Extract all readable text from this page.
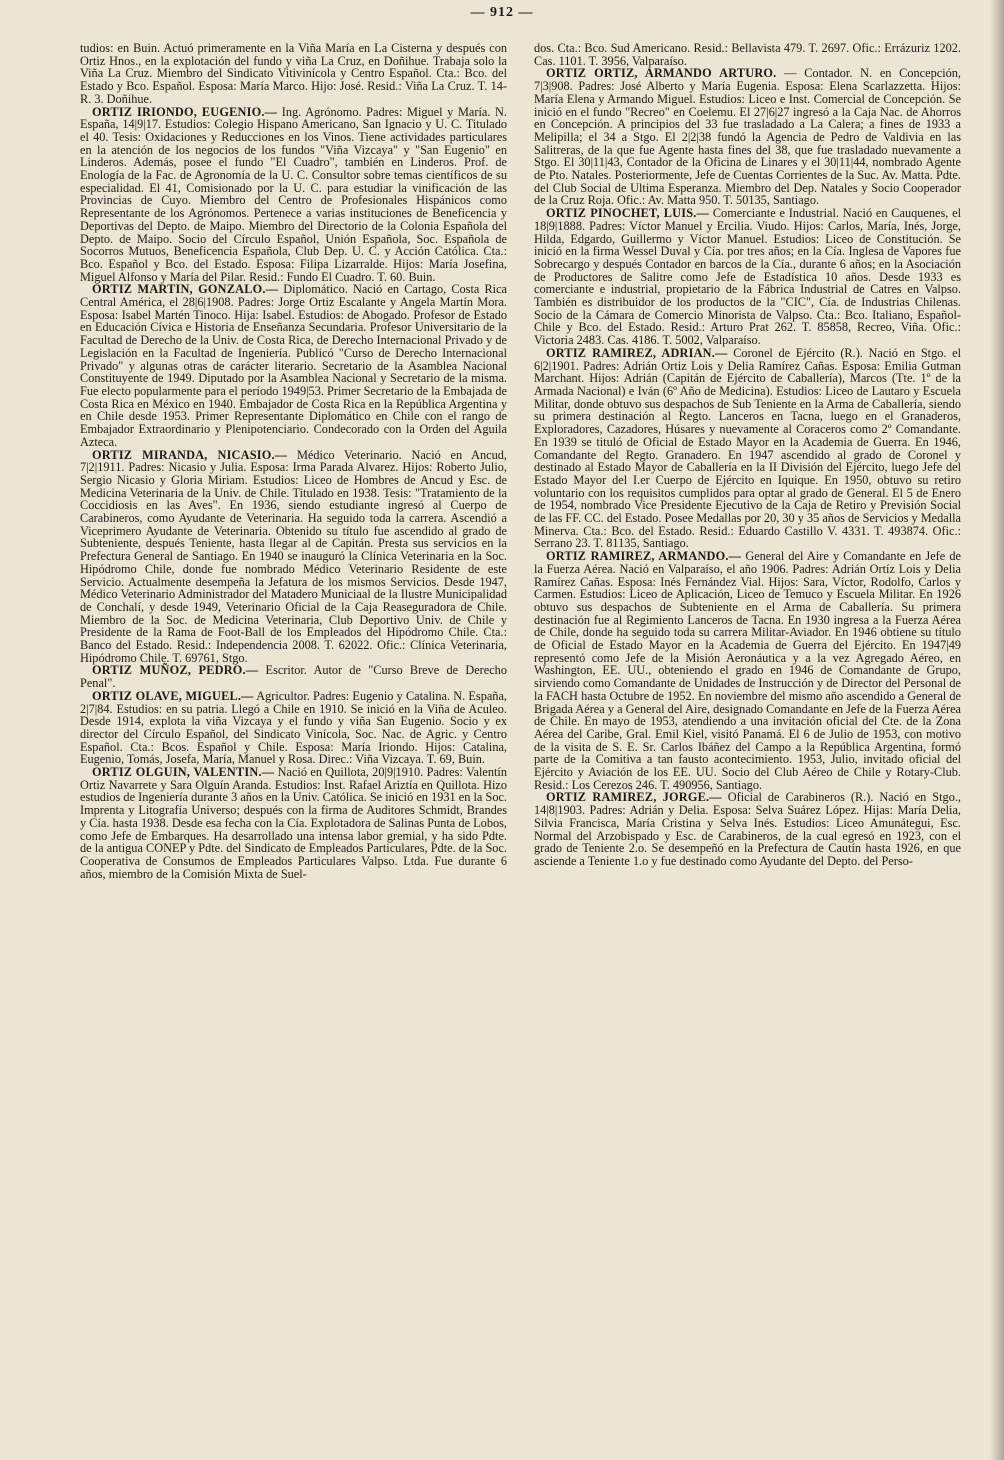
— 912 —

tudios: en Buin. Actuó primeramente en la Viña María en La Cisterna y después con Ortiz Hnos., en la explotación del fundo y viña La Cruz, en Doñihue. Trabaja solo la Viña La Cruz. Miembro del Sindicato Vitivinícola y Centro Español. Cta.: Bco. del Estado y Bco. Español. Esposa: María Marco. Hijo: José. Resid.: Viña La Cruz. T. 14-R. 3. Doñihue.

ORTIZ IRIONDO, EUGENIO.— Ing. Agrónomo. Padres: Miguel y María. N. España, 14|9|17. Estudios: Colegio Hispano Americano, San Ignacio y U. C. Titulado el 40. Tesis: Oxidaciones y Reducciones en los Vinos. Tiene actividades particulares en la atención de los negocios de los fundos "Viña Vizcaya" y "San Eugenio" en Linderos. Además, posee el fundo "El Cuadro", también en Linderos. Prof. de Enología de la Fac. de Agronomía de la U. C. Consultor sobre temas científicos de su especialidad. El 41, Comisionado por la U. C. para estudiar la vinificación de las Provincias de Cuyo. Miembro del Centro de Profesionales Hispánicos como Representante de los Agrónomos. Pertenece a varias instituciones de Beneficencia y Deportivas del Depto. de Maipo. Miembro del Directorio de la Colonia Española del Depto. de Maipo. Socio del Círculo Español, Unión Española, Soc. Española de Socorros Mutuos, Beneficencia Española, Club Dep. U. C. y Acción Católica. Cta.: Bco. Español y Bco. del Estado. Esposa: Filipa Lizarralde. Hijos: María Josefina, Miguel Alfonso y María del Pilar. Resid.: Fundo El Cuadro. T. 60. Buin.

ORTIZ MARTIN, GONZALO.— Diplomático. Nació en Cartago, Costa Rica Central América, el 28|6|1908. Padres: Jorge Ortiz Escalante y Angela Martín Mora. Esposa: Isabel Martén Tinoco. Hija: Isabel. Estudios: de Abogado. Profesor de Estado en Educación Cívica e Historia de Enseñanza Secundaria. Profesor Universitario de la Facultad de Derecho de la Univ. de Costa Rica, de Derecho Internacional Privado y de Legislación en la Facultad de Ingeniería. Publicó "Curso de Derecho Internacional Privado" y algunas otras de carácter literario. Secretario de la Asamblea Nacional Constituyente de 1949. Diputado por la Asamblea Nacional y Secretario de la misma. Fue electo popularmente para el período 1949|53. Primer Secretario de la Embajada de Costa Rica en México en 1940. Embajador de Costa Rica en la República Argentina y en Chile desde 1953. Primer Representante Diplomático en Chile con el rango de Embajador Extraordinario y Plenipotenciario. Condecorado con la Orden del Aguila Azteca.

ORTIZ MIRANDA, NICASIO.— Médico Veterinario. Nació en Ancud, 7|2|1911. Padres: Nicasio y Julia. Esposa: Irma Parada Alvarez. Hijos: Roberto Julio, Sergio Nicasio y Gloria Miriam. Estudios: Liceo de Hombres de Ancud y Esc. de Medicina Veterinaria de la Univ. de Chile. Titulado en 1938. Tesis: "Tratamiento de la Coccidiosis en las Aves". En 1936, siendo estudiante ingresó al Cuerpo de Carabineros, como Ayudante de Veterinaria. Ha seguido toda la carrera. Ascendió a Viceprimero Ayudante de Veterinaria. Obtenido su título fue ascendido al grado de Subteniente, después Teniente, hasta llegar al de Capitán. Presta sus servicios en la Prefectura General de Santiago. En 1940 se inauguró la Clínica Veterinaria en la Soc. Hipódromo Chile, donde fue nombrado Médico Veterinario Residente de este Servicio. Actualmente desempeña la Jefatura de los mismos Servicios. Desde 1947, Médico Veterinario Administrador del Matadero Municiaal de la Ilustre Municipalidad de Conchalí, y desde 1949, Veterinario Oficial de la Caja Reaseguradora de Chile. Miembro de la Soc. de Medicina Veterinaria, Club Deportivo Univ. de Chile y Presidente de la Rama de Foot-Ball de los Empleados del Hipódromo Chile. Cta.: Banco del Estado. Resid.: Independencia 2008. T. 62022. Ofic.: Clínica Veterinaria, Hipódromo Chile. T. 69761, Stgo.

ORTIZ MUÑOZ, PEDRO.— Escritor. Autor de "Curso Breve de Derecho Penal".

ORTIZ OLAVE, MIGUEL.— Agricultor. Padres: Eugenio y Catalina. N. España, 2|7|84. Estudios: en su patria. Llegó a Chile en 1910. Se inició en la Viña de Aculeo. Desde 1914, explota la viña Vizcaya y el fundo y viña San Eugenio. Socio y ex director del Círculo Español, del Sindicato Vinícola, Soc. Nac. de Agric. y Centro Español. Cta.: Bcos. Español y Chile. Esposa: María Iriondo. Hijos: Catalina, Eugenio, Tomás, Josefa, María, Manuel y Rosa. Direc.: Viña Vizcaya. T. 69, Buin.

ORTIZ OLGUIN, VALENTIN.— Nació en Quillota, 20|9|1910. Padres: Valentín Ortiz Navarrete y Sara Olguín Aranda. Estudios: Inst. Rafael Ariztía en Quillota. Hizo estudios de Ingeniería durante 3 años en la Univ. Católica. Se inició en 1931 en la Soc. Imprenta y Litografía Universo; después con la firma de Auditores Schmidt, Brandes y Cía. hasta 1938. Desde esa fecha con la Cía. Explotadora de Salinas Punta de Lobos, como Jefe de Embarques. Ha desarrollado una intensa labor gremial, y ha sido Pdte. de la antigua CONEP y Pdte. del Sindicato de Empleados Particulares, Pdte. de la Soc. Cooperativa de Consumos de Empleados Particulares Valpso. Ltda. Fue durante 6 años, miembro de la Comisión Mixta de Suel-

dos. Cta.: Bco. Sud Americano. Resid.: Bellavista 479. T. 2697. Ofic.: Errázuriz 1202. Cas. 1101. T. 3956, Valparaíso.

ORTIZ ORTIZ, ARMANDO ARTURO. — Contador. N. en Concepción, 7|3|908. Padres: José Alberto y María Eugenia. Esposa: Elena Scarlazzetta. Hijos: María Elena y Armando Miguel. Estudios: Liceo e Inst. Comercial de Concepción. Se inició en el fundo "Recreo" en Coelemu. El 27|6|27 ingresó a la Caja Nac. de Ahorros en Concepción. A principios del 33 fue trasladado a La Calera; a fines de 1933 a Melipilla; el 34 a Stgo. El 2|2|38 fundó la Agencia de Pedro de Valdivia en las Salitreras, de la que fue Agente hasta fines del 38, que fue trasladado nuevamente a Stgo. El 30|11|43, Contador de la Oficina de Linares y el 30|11|44, nombrado Agente de Pto. Natales. Posteriormente, Jefe de Cuentas Corrientes de la Suc. Av. Matta. Pdte. del Club Social de Ultima Esperanza. Miembro del Dep. Natales y Socio Cooperador de la Cruz Roja. Ofic.: Av. Matta 950. T. 50135, Santiago.

ORTIZ PINOCHET, LUIS.— Comerciante e Industrial. Nació en Cauquenes, el 18|9|1888. Padres: Víctor Manuel y Ercilia. Viudo. Hijos: Carlos, María, Inés, Jorge, Hilda, Edgardo, Guillermo y Víctor Manuel. Estudios: Liceo de Constitución. Se inició en la firma Wessel Duval y Cía. por tres años; en la Cía. Inglesa de Vapores fue Sobrecargo y después Contador en barcos de la Cía., durante 6 años; en la Asociación de Productores de Salitre como Jefe de Estadística 10 años. Desde 1933 es comerciante e industrial, propietario de la Fábrica Industrial de Catres en Valpso. También es distribuidor de los productos de la "CIC", Cía. de Industrias Chilenas. Socio de la Cámara de Comercio Minorista de Valpso. Cta.: Bco. Italiano, Español-Chile y Bco. del Estado. Resid.: Arturo Prat 262. T. 85858, Recreo, Viña. Ofic.: Victoria 2483. Cas. 4186. T. 5002, Valparaíso.

ORTIZ RAMIREZ, ADRIAN.— Coronel de Ejército (R.). Nació en Stgo. el 6|2|1901. Padres: Adrián Ortiz Lois y Delia Ramírez Cañas. Esposa: Emilia Gutman Marchant. Hijos: Adrián (Capitán de Ejército de Caballería), Marcos (Tte. 1º de la Armada Nacional) e Iván (6º Año de Medicina). Estudios: Liceo de Lautaro y Escuela Militar, donde obtuvo sus despachos de Sub Teniente en la Arma de Caballería, siendo su primera destinación al Regto. Lanceros en Tacna, luego en el Granaderos, Exploradores, Cazadores, Húsares y nuevamente al Coraceros como 2º Comandante. En 1939 se tituló de Oficial de Estado Mayor en la Academia de Guerra. En 1946, Comandante del Regto. Granadero. En 1947 ascendido al grado de Coronel y destinado al Estado Mayor de Caballería en la II División del Ejército, luego Jefe del Estado Mayor del I.er Cuerpo de Ejército en Iquique. En 1950, obtuvo su retiro voluntario con los requisitos cumplidos para optar al grado de General. El 5 de Enero de 1954, nombrado Vice Presidente Ejecutivo de la Caja de Retiro y Previsión Social de las FF. CC. del Estado. Posee Medallas por 20, 30 y 35 años de Servicios y Medalla Minerva. Cta.: Bco. del Estado. Resid.: Eduardo Castillo V. 4331. T. 493874. Ofic.: Serrano 23. T. 81135, Santiago.

ORTIZ RAMIREZ, ARMANDO.— General del Aire y Comandante en Jefe de la Fuerza Aérea. Nació en Valparaíso, el año 1906. Padres: Adrián Ortíz Lois y Delia Ramírez Cañas. Esposa: Inés Fernández Vial. Hijos: Sara, Víctor, Rodolfo, Carlos y Carmen. Estudios: Liceo de Aplicación, Liceo de Temuco y Escuela Militar. En 1926 obtuvo sus despachos de Subteniente en el Arma de Caballería. Su primera destinación fue al Regimiento Lanceros de Tacna. En 1930 ingresa a la Fuerza Aérea de Chile, donde ha seguido toda su carrera Militar-Aviador. En 1946 obtiene su título de Oficial de Estado Mayor en la Academia de Guerra del Ejército. En 1947|49 representó como Jefe de la Misión Aeronáutica y a la vez Agregado Aéreo, en Washington, EE. UU., obteniendo el grado en 1946 de Comandante de Grupo, sirviendo como Comandante de Unidades de Instrucción y de Director del Personal de la FACH hasta Octubre de 1952. En noviembre del mismo año ascendido a General de Brigada Aérea y a General del Aire, designado Comandante en Jefe de la Fuerza Aérea de Chile. En mayo de 1953, atendiendo a una invitación oficial del Cte. de la Zona Aérea del Caribe, Gral. Emil Kiel, visitó Panamá. El 6 de Julio de 1953, con motivo de la visita de S. E. Sr. Carlos Ibáñez del Campo a la República Argentina, formó parte de la Comitiva a tan fausto acontecimiento. 1953, Julio, invitado oficial del Ejército y Aviación de los EE. UU. Socio del Club Aéreo de Chile y Rotary-Club. Resid.: Los Cerezos 246. T. 490956, Santiago.

ORTIZ RAMIREZ, JORGE.— Oficial de Carabineros (R.). Nació en Stgo., 14|8|1903. Padres: Adrián y Delia. Esposa: Selva Suárez López. Hijas: María Delia, Silvia Francisca, María Cristina y Selva Inés. Estudios: Liceo Amunátegui, Esc. Normal del Arzobispado y Esc. de Carabineros, de la cual egresó en 1923, con el grado de Teniente 2.o. Se desempeñó en la Prefectura de Cautín hasta 1926, en que asciende a Teniente 1.o y fue destinado como Ayudante del Depto. del Perso-
